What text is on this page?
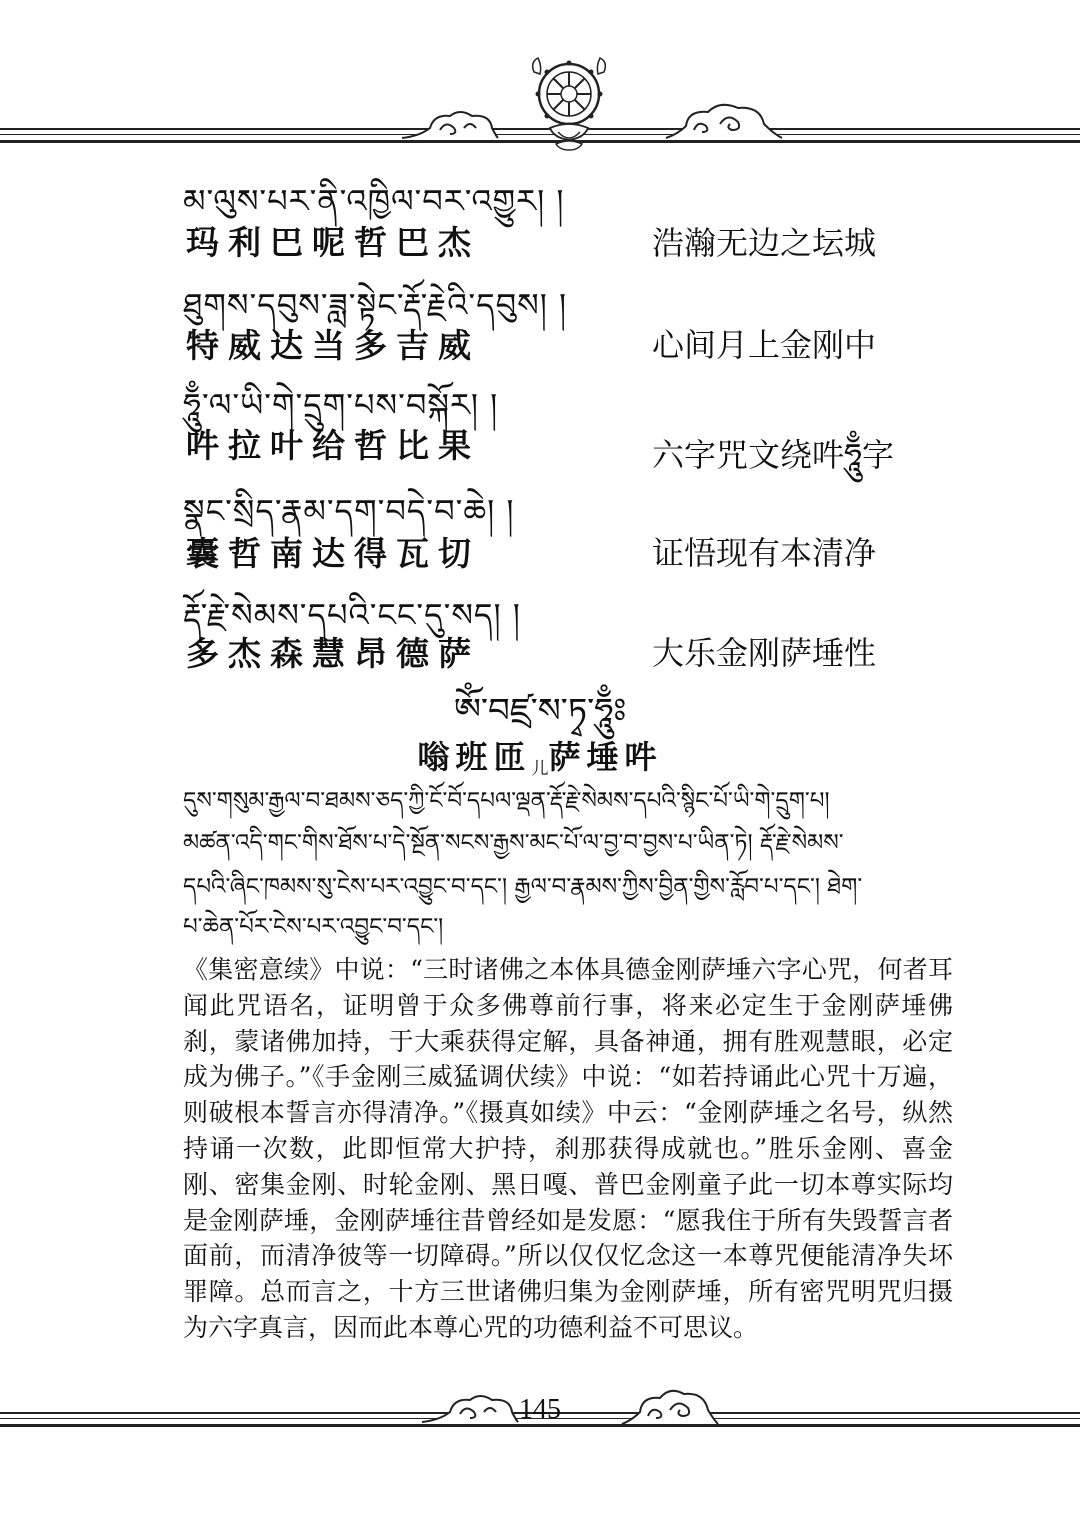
མ་ལུས་པར་ནི་འཁྱིལ་བར་འགྱུར། །
玛利巴呢哲巴杰	浩瀚无边之坛城
ཐུགས་དབུས་ཟླ་སྟེང་རྡོ་རྗེའི་དབུས། །
特威达当多吉威	心间月上金刚中
ཧཱུྃ་ལ་ཡི་གེ་དྲུག་པས་བསྐོར། །
吽拉叶给哲比果	六字咒文绕吽ཧཱུྃ字
སྣང་སྲིད་རྣམ་དག་བདེ་བ་ཆེ། །
囊哲南达得瓦切	证悟现有本清净
རྡོ་རྗེ་སེམས་དཔའི་ངང་དུ་སད། །
多杰森慧昂德萨	大乐金刚萨埵性
ཨོཾ་བཛྲ་ས་ཏྭ་ཧཱུྃཿ
嗡班匝儿萨埵吽
དུས་གསུམ་རྒྱལ་བ་ཐམས་ཅད་ཀྱི་ངོ་བོ་དཔལ་ལྡན་རྡོ་རྗེ་སེམས་དཔའི་སྙིང་པོ་ཡི་གེ་དྲུག་པ།
མཚན་འདི་གང་གིས་ཐོས་པ་དེ་སྔོན་སངས་རྒྱས་མང་པོ་ལ་བྱ་བ་བྱས་པ་ཡིན་ཏེ། རྡོ་རྗེ་སེམས་
དཔའི་ཞིང་ཁམས་སུ་ངེས་པར་འབྱུང་བ་དང་། རྒྱལ་བ་རྣམས་ཀྱིས་བྱིན་གྱིས་རློབ་པ་དང་། ཐེག་
པ་ཆེན་པོར་ངེས་པར་འབྱུང་བ་དང་།
《集密意续》中说：“三时诸佛之本体具德金刚萨埵六字心咒，何者耳闻此咒语名，证明曾于众多佛尊前行事，将来必定生于金刚萨埵佛刹，蒙诸佛加持，于大乘获得定解，具备神通，拥有胜观慧眼，必定成为佛子。”《手金刚三威猛调伏续》中说：“如若持诵此心咒十万遍，则破根本誓言亦得清净。”《摄真如续》中云：“金刚萨埵之名号，纵然持诵一次数，此即恒常大护持，刹那获得成就也。”胜乐金刚、喜金刚、密集金刚、时轮金刚、黑日嘎、普巴金刚童子此一切本尊实际均是金刚萨埵，金刚萨埵往昔曾经如是发愿：“愿我住于所有失毁誓言者面前，而清净彼等一切障碍。”所以仅仅忆念这一本尊咒便能清净失坏罪障。总而言之，十方三世诸佛归集为金刚萨埵，所有密咒明咒归摄为六字真言，因而此本尊心咒的功德利益不可思议。
145
